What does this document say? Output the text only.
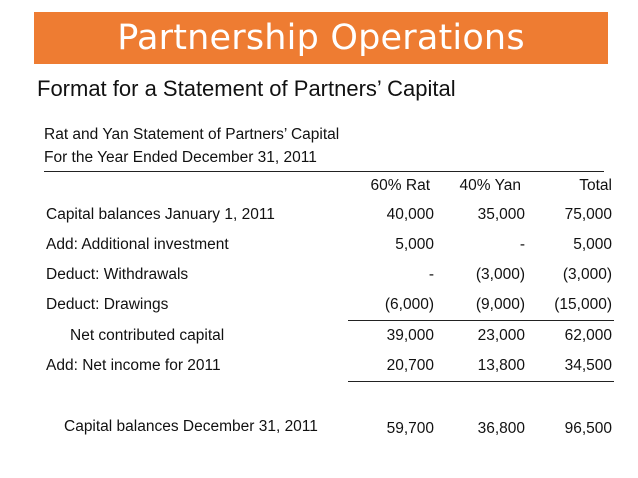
Partnership Operations
Format for a Statement of Partners’ Capital
Rat and Yan Statement of Partners’ Capital
For the Year Ended December 31, 2011
	60% Rat	40% Yan	Total
Capital balances January 1, 2011	40,000	35,000	75,000
Add: Additional investment	5,000	-	5,000
Deduct: Withdrawals	-	(3,000)	(3,000)
Deduct: Drawings	(6,000)	(9,000)	(15,000)
Net contributed capital	39,000	23,000	62,000
Add: Net income for 2011	20,700	13,800	34,500
Capital balances December 31, 2011	59,700	36,800	96,500
